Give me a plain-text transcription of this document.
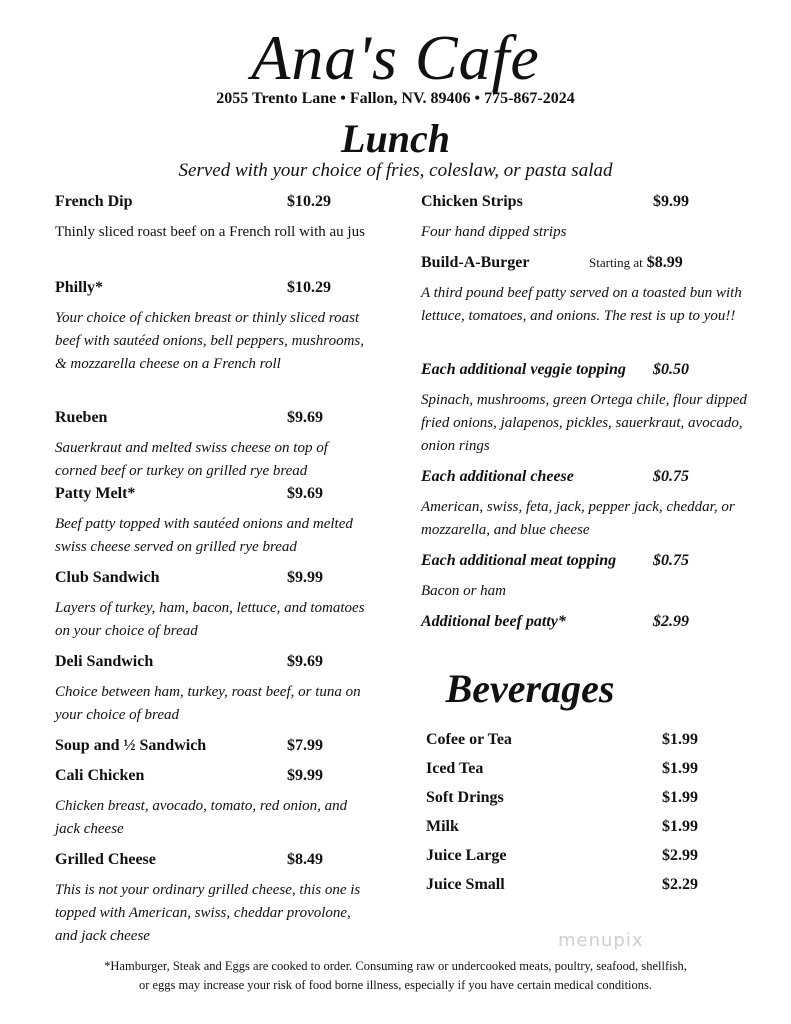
Ana's Cafe
2055 Trento Lane • Fallon, NV. 89406 • 775-867-2024
Lunch
Served with your choice of fries, coleslaw, or pasta salad
French Dip	$10.29
Thinly sliced roast beef on a French roll with au jus
Philly*	$10.29
Your choice of chicken breast or thinly sliced roast beef with sautéed onions, bell peppers, mushrooms, & mozzarella cheese on a French roll
Rueben	$9.69
Sauerkraut and melted swiss cheese on top of corned beef or turkey on grilled rye bread
Patty Melt*	$9.69
Beef patty topped with sautéed onions and melted swiss cheese served on grilled rye bread
Club Sandwich	$9.99
Layers of turkey, ham, bacon, lettuce, and tomatoes on your choice of bread
Deli Sandwich	$9.69
Choice between ham, turkey, roast beef, or tuna on your choice of bread
Soup and ½ Sandwich	$7.99
Cali Chicken	$9.99
Chicken breast, avocado, tomato, red onion, and jack cheese
Grilled Cheese	$8.49
This is not your ordinary grilled cheese, this one is topped with American, swiss, cheddar provolone, and jack cheese
Chicken Strips	$9.99
Four hand dipped strips
Build-A-Burger	Starting at $8.99
A third pound beef patty served on a toasted bun with lettuce, tomatoes, and onions. The rest is up to you!!
Each additional veggie topping	$0.50
Spinach, mushrooms, green Ortega chile, flour dipped fried onions, jalapenos, pickles, sauerkraut, avocado, onion rings
Each additional cheese	$0.75
American, swiss, feta, jack, pepper jack, cheddar, or mozzarella, and blue cheese
Each additional meat topping	$0.75
Bacon or ham
Additional beef patty*	$2.99
Beverages
Cofee or Tea	$1.99
Iced Tea	$1.99
Soft Drings	$1.99
Milk	$1.99
Juice Large	$2.99
Juice Small	$2.29
menupix
*Hamburger, Steak and Eggs are cooked to order. Consuming raw or undercooked meats, poultry, seafood, shellfish,
or eggs may increase your risk of food borne illness, especially if you have certain medical conditions.
